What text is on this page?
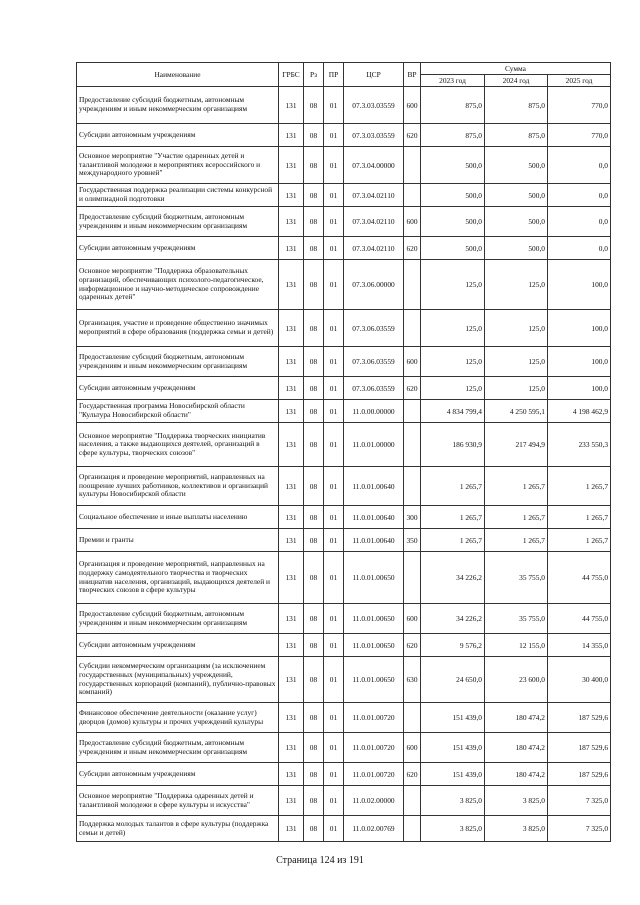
Наименование	ГРБС	Рз	ПР	ЦСР	ВР	Сумма		
						2023 год	2024 год	2025 год
Предоставление субсидий бюджетным, автономным учреждениям и иным некоммерческим организациям	131	08	01	07.3.03.03559	600	875,0	875,0	770,0
Субсидии автономным учреждениям	131	08	01	07.3.03.03559	620	875,0	875,0	770,0
Основное мероприятие "Участие одаренных детей и талантливой молодежи в мероприятиях всероссийского и международного уровней"	131	08	01	07.3.04.00000		500,0	500,0	0,0
Государственная поддержка реализации системы конкурсной и олимпиадной подготовки	131	08	01	07.3.04.02110		500,0	500,0	0,0
Предоставление субсидий бюджетным, автономным учреждениям и иным некоммерческим организациям	131	08	01	07.3.04.02110	600	500,0	500,0	0,0
Субсидии автономным учреждениям	131	08	01	07.3.04.02110	620	500,0	500,0	0,0
Основное мероприятие "Поддержка образовательных организаций, обеспечивающих психолого-педагогическое, информационное и научно-методическое сопровождение одаренных детей"	131	08	01	07.3.06.00000		125,0	125,0	100,0
Организация, участие и проведение общественно значимых мероприятий в сфере образования (поддержка семьи и детей)	131	08	01	07.3.06.03559		125,0	125,0	100,0
Предоставление субсидий бюджетным, автономным учреждениям и иным некоммерческим организациям	131	08	01	07.3.06.03559	600	125,0	125,0	100,0
Субсидии автономным учреждениям	131	08	01	07.3.06.03559	620	125,0	125,0	100,0
Государственная программа Новосибирской области "Культура Новосибирской области"	131	08	01	11.0.00.00000		4 834 799,4	4 250 595,1	4 198 462,9
Основное мероприятие "Поддержка творческих инициатив населения, а также выдающихся деятелей, организаций в сфере культуры, творческих союзов"	131	08	01	11.0.01.00000		186 930,9	217 494,9	233 550,3
Организация и проведение мероприятий, направленных на поощрение лучших работников, коллективов и организаций культуры Новосибирской области	131	08	01	11.0.01.00640		1 265,7	1 265,7	1 265,7
Социальное обеспечение и иные выплаты населению	131	08	01	11.0.01.00640	300	1 265,7	1 265,7	1 265,7
Премии и гранты	131	08	01	11.0.01.00640	350	1 265,7	1 265,7	1 265,7
Организация и проведение мероприятий, направленных на поддержку самодеятельного творчества и творческих инициатив населения, организаций, выдающихся деятелей и творческих союзов в сфере культуры	131	08	01	11.0.01.00650		34 226,2	35 755,0	44 755,0
Предоставление субсидий бюджетным, автономным учреждениям и иным некоммерческим организациям	131	08	01	11.0.01.00650	600	34 226,2	35 755,0	44 755,0
Субсидии автономным учреждениям	131	08	01	11.0.01.00650	620	9 576,2	12 155,0	14 355,0
Субсидии некоммерческим организациям (за исключением государственных (муниципальных) учреждений, государственных корпораций (компаний), публично-правовых компаний)	131	08	01	11.0.01.00650	630	24 650,0	23 600,0	30 400,0
Финансовое обеспечение деятельности (оказание услуг) дворцов (домов) культуры и прочих учреждений культуры	131	08	01	11.0.01.00720		151 439,0	180 474,2	187 529,6
Предоставление субсидий бюджетным, автономным учреждениям и иным некоммерческим организациям	131	08	01	11.0.01.00720	600	151 439,0	180 474,2	187 529,6
Субсидии автономным учреждениям	131	08	01	11.0.01.00720	620	151 439,0	180 474,2	187 529,6
Основное мероприятие "Поддержка одаренных детей и талантливой молодежи в сфере культуры и искусства"	131	08	01	11.0.02.00000		3 825,0	3 825,0	7 325,0
Поддержка молодых талантов в сфере культуры (поддержка семьи и детей)	131	08	01	11.0.02.00769		3 825,0	3 825,0	7 325,0
Страница 124 из 191
